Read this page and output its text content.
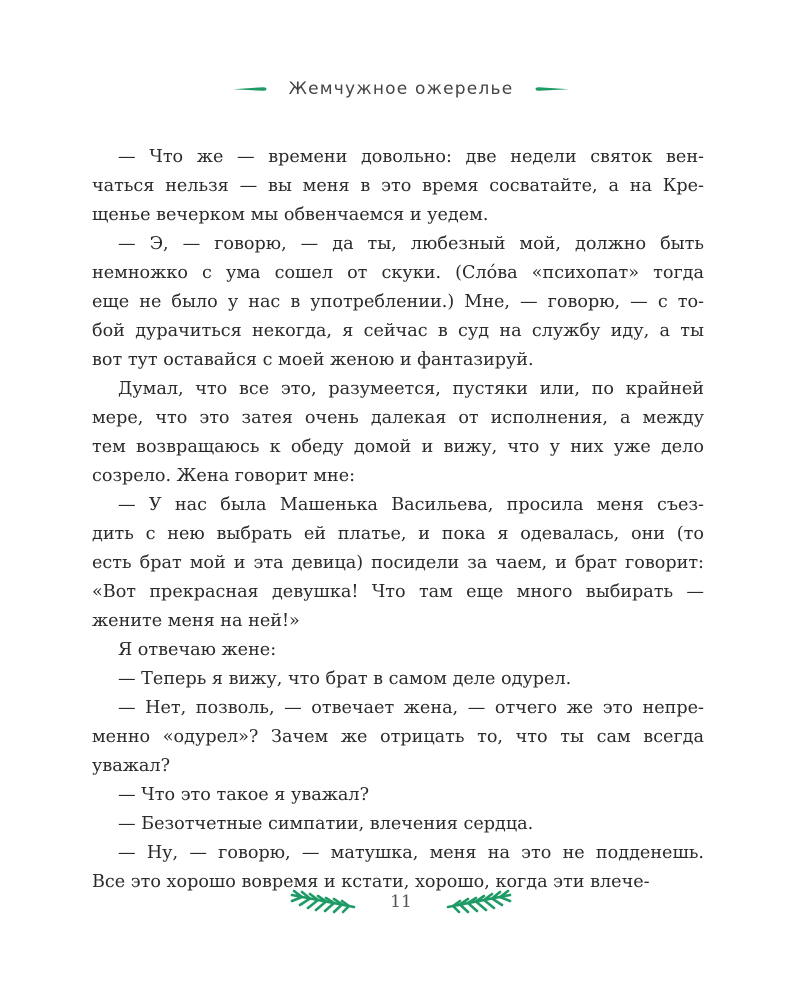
Жемчужное ожерелье

— Что же — времени довольно: две недели святок вен-
чаться нельзя — вы меня в это время сосватайте, а на Кре-
щенье вечерком мы обвенчаемся и уедем.

— Э, — говорю, — да ты, любезный мой, должно быть
немножко с ума сошел от скуки. (Сло́ва «психопат» тогда
еще не было у нас в употреблении.) Мне, — говорю, — с то-
бой дурачиться некогда, я сейчас в суд на службу иду, а ты
вот тут оставайся с моей женою и фантазируй.

Думал, что все это, разумеется, пустяки или, по крайней
мере, что это затея очень далекая от исполнения, а между
тем возвращаюсь к обеду домой и вижу, что у них уже дело
созрело. Жена говорит мне:

— У нас была Машенька Васильева, просила меня съез-
дить с нею выбрать ей платье, и пока я одевалась, они (то
есть брат мой и эта девица) посидели за чаем, и брат говорит:
«Вот прекрасная девушка! Что там еще много выбирать —
жените меня на ней!»

Я отвечаю жене:

— Теперь я вижу, что брат в самом деле одурел.

— Нет, позволь, — отвечает жена, — отчего же это непре-
менно «одурел»? Зачем же отрицать то, что ты сам всегда
уважал?

— Что это такое я уважал?

— Безотчетные симпатии, влечения сердца.

— Ну, — говорю, — матушка, меня на это не подденешь.
Все это хорошо вовремя и кстати, хорошо, когда эти влече-

11
